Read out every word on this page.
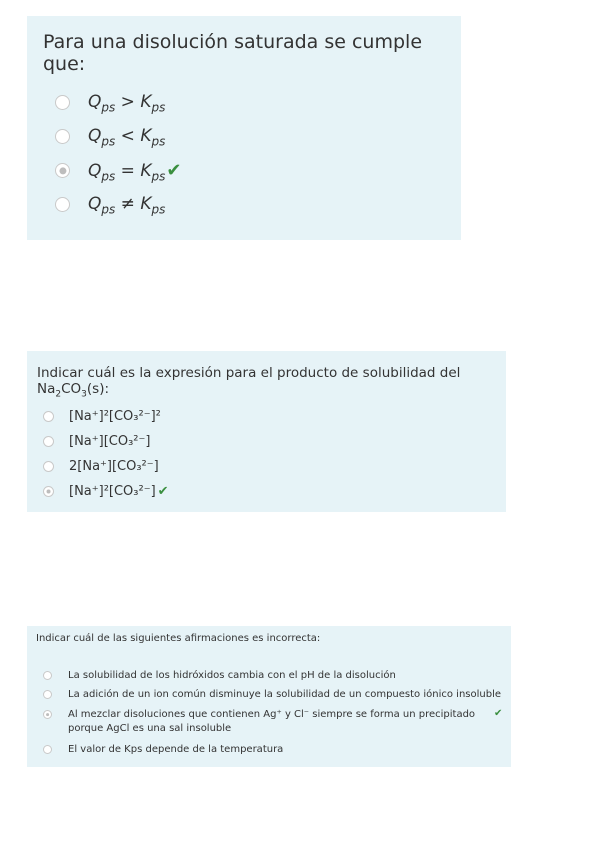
Para una disolución saturada se cumple que:
$Q_{ps} > K_{ps}$
$Q_{ps} < K_{ps}$
$Q_{ps} = K_{ps}$ ✔
$Q_{ps} \ne K_{ps}$
Indicar cuál es la expresión para el producto de solubilidad del $Na_2CO_3(s)$:
[Na⁺]²[CO₃²⁻]²
[Na⁺][CO₃²⁻]
2[Na⁺][CO₃²⁻]
[Na⁺]²[CO₃²⁻] ✔
Indicar cuál de las siguientes afirmaciones es incorrecta:
La solubilidad de los hidróxidos cambia con el pH de la disolución
La adición de un ion común disminuye la solubilidad de un compuesto iónico insoluble
Al mezclar disoluciones que contienen Ag⁺ y Cl⁻ siempre se forma un precipitado porque AgCl es una sal insoluble
✔
El valor de Kps depende de la temperatura
